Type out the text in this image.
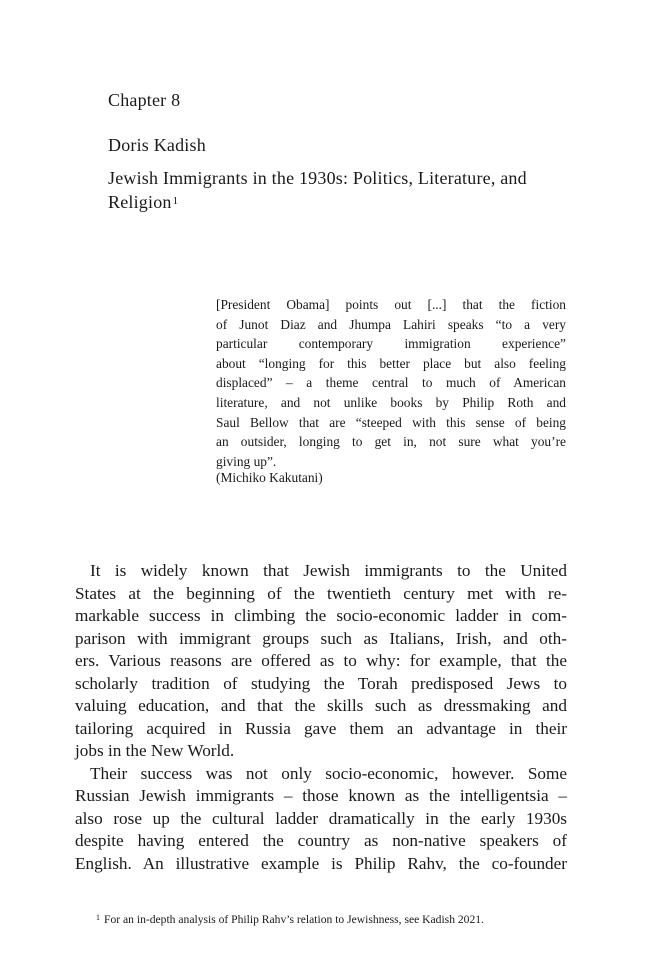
Chapter 8
Doris Kadish
Jewish Immigrants in the 1930s: Politics, Literature, and Religion$^1$
[President Obama] points out [...] that the fiction
of Junot Diaz and Jhumpa Lahiri speaks “to a very
particular contemporary immigration experience”
about “longing for this better place but also feeling
displaced” – a theme central to much of American
literature, and not unlike books by Philip Roth and
Saul Bellow that are “steeped with this sense of being
an outsider, longing to get in, not sure what you’re
giving up”.
(Michiko Kakutani)
It is widely known that Jewish immigrants to the United
States at the beginning of the twentieth century met with re-
markable success in climbing the socio-economic ladder in com-
parison with immigrant groups such as Italians, Irish, and oth-
ers. Various reasons are offered as to why: for example, that the
scholarly tradition of studying the Torah predisposed Jews to
valuing education, and that the skills such as dressmaking and
tailoring acquired in Russia gave them an advantage in their
jobs in the New World.
Their success was not only socio-economic, however. Some
Russian Jewish immigrants – those known as the intelligentsia –
also rose up the cultural ladder dramatically in the early 1930s
despite having entered the country as non-native speakers of
English. An illustrative example is Philip Rahv, the co-founder
$^1$ For an in-depth analysis of Philip Rahv’s relation to Jewishness, see Kadish 2021.
